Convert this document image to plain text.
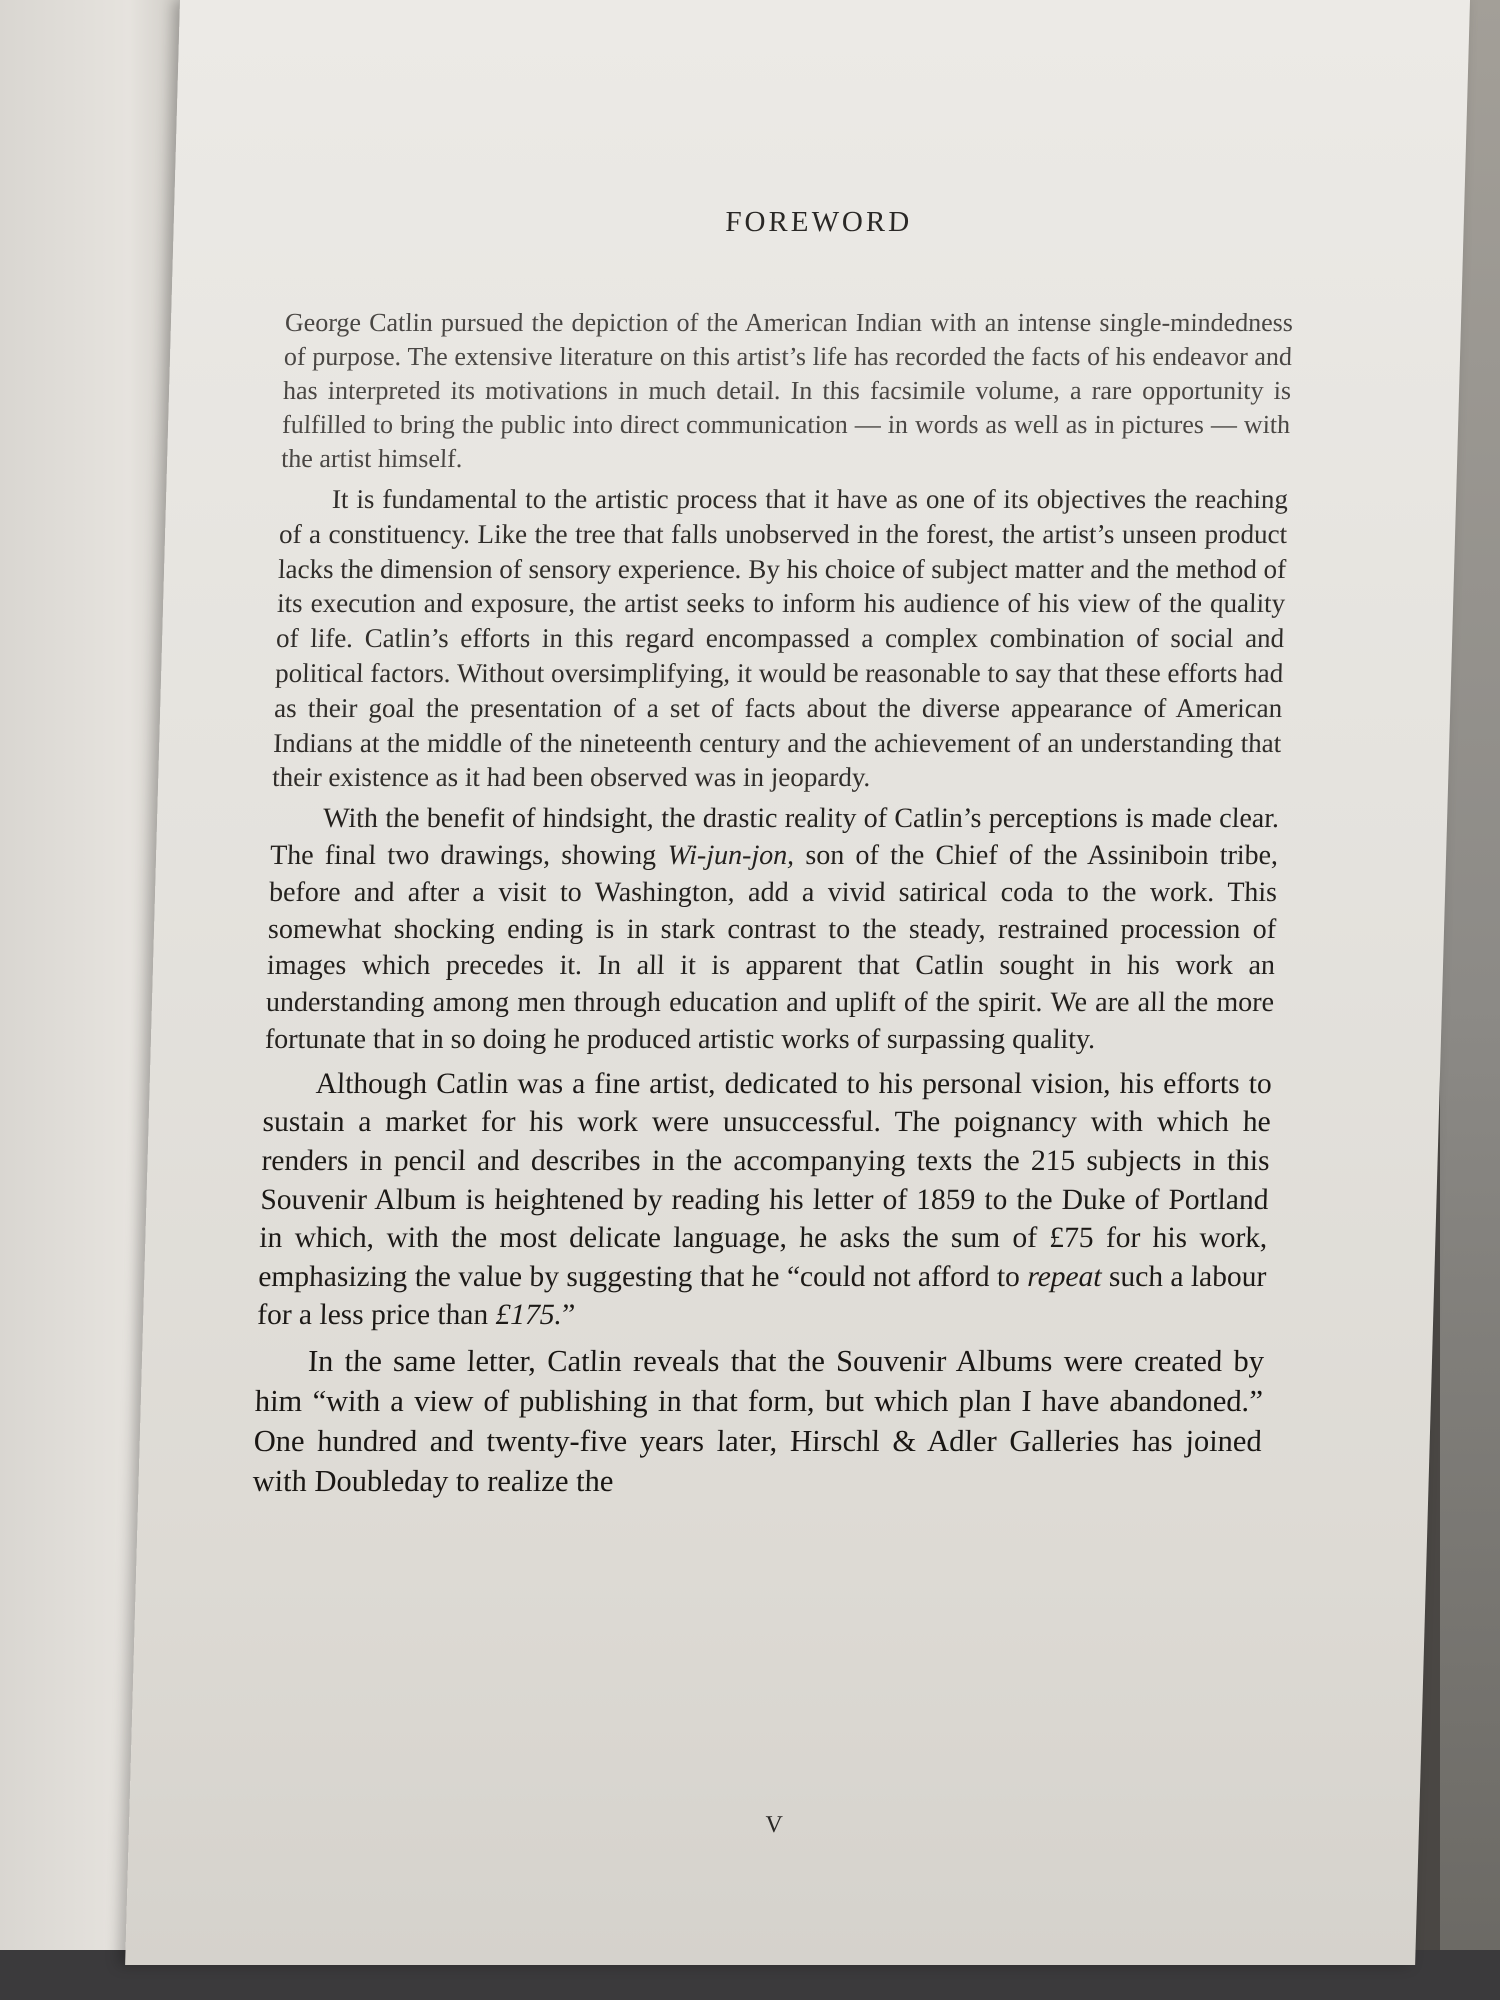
FOREWORD

George Catlin pursued the depiction of the American Indian with an intense single-mindedness of purpose. The extensive literature on this artist’s life has recorded the facts of his endeavor and has interpreted its motivations in much detail. In this facsimile volume, a rare opportunity is fulfilled to bring the public into direct communication — in words as well as in pictures — with the artist himself.

It is fundamental to the artistic process that it have as one of its objectives the reaching of a constituency. Like the tree that falls unobserved in the forest, the artist’s unseen product lacks the dimension of sensory experience. By his choice of subject matter and the method of its execution and exposure, the artist seeks to inform his audience of his view of the quality of life. Catlin’s efforts in this regard encompassed a complex combination of social and political factors. Without oversimplifying, it would be reasonable to say that these efforts had as their goal the presentation of a set of facts about the diverse appearance of American Indians at the middle of the nineteenth century and the achievement of an understanding that their existence as it had been observed was in jeopardy.

With the benefit of hindsight, the drastic reality of Catlin’s perceptions is made clear. The final two drawings, showing Wi-jun-jon, son of the Chief of the Assiniboin tribe, before and after a visit to Washington, add a vivid satirical coda to the work. This somewhat shocking ending is in stark contrast to the steady, restrained procession of images which precedes it. In all it is apparent that Catlin sought in his work an understanding among men through education and uplift of the spirit. We are all the more fortunate that in so doing he produced artistic works of surpassing quality.

Although Catlin was a fine artist, dedicated to his personal vision, his efforts to sustain a market for his work were unsuccessful. The poignancy with which he renders in pencil and describes in the accompanying texts the 215 subjects in this Souvenir Album is heightened by reading his letter of 1859 to the Duke of Portland in which, with the most delicate language, he asks the sum of £75 for his work, emphasizing the value by suggesting that he “could not afford to repeat such a labour for a less price than £175.”

In the same letter, Catlin reveals that the Souvenir Albums were created by him “with a view of publishing in that form, but which plan I have abandoned.” One hundred and twenty-five years later, Hirschl & Adler Galleries has joined with Doubleday to realize the

V
